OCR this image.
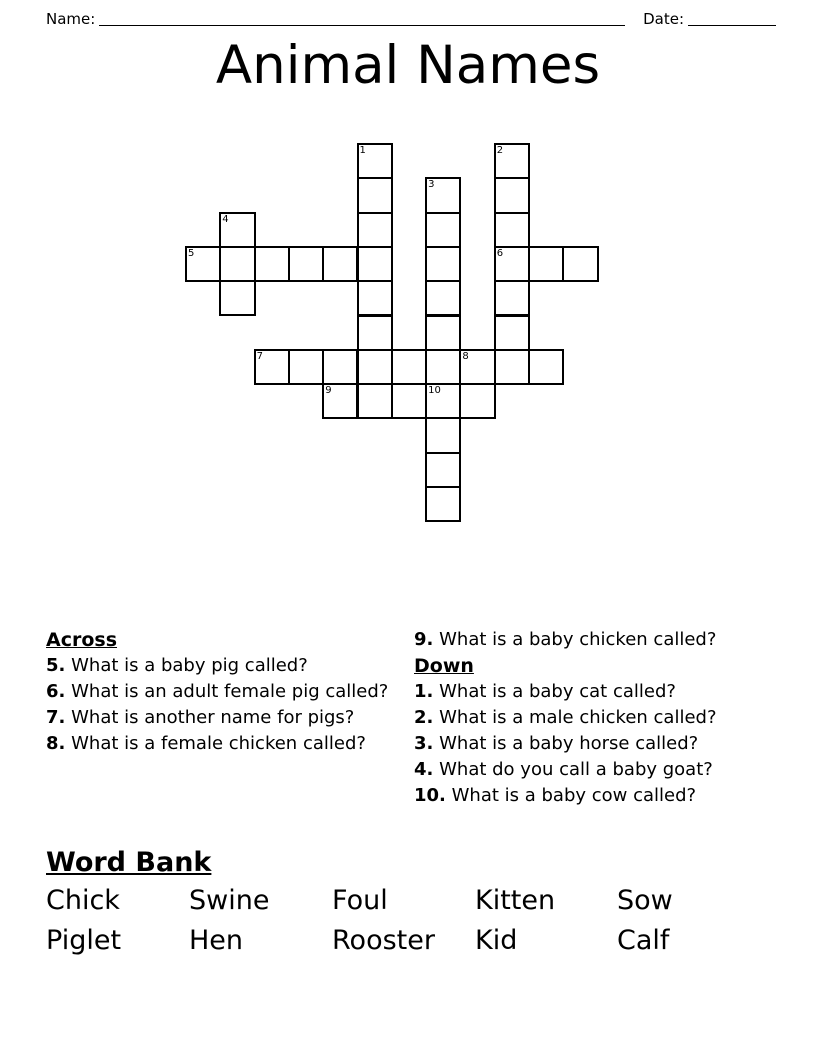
Name:	Date:
Animal Names
1	2
3
4
5	6
7	8
9	10
Across
5. What is a baby pig called?
6. What is an adult female pig called?
7. What is another name for pigs?
8. What is a female chicken called?
9. What is a baby chicken called?
Down
1. What is a baby cat called?
2. What is a male chicken called?
3. What is a baby horse called?
4. What do you call a baby goat?
10. What is a baby cow called?
Word Bank
Chick	Swine	Foul	Kitten	Sow
Piglet	Hen	Rooster	Kid	Calf
